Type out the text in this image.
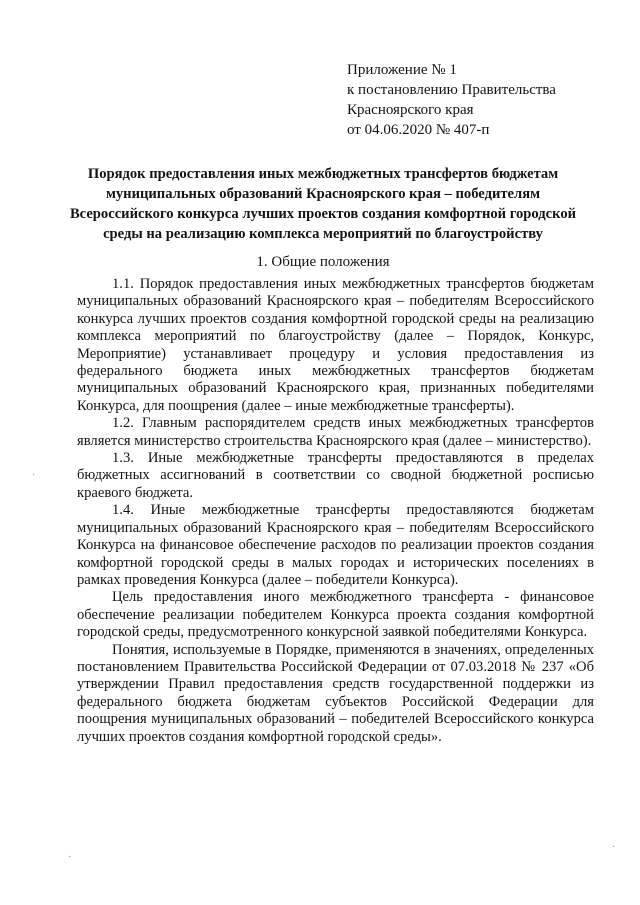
Приложение № 1
к постановлению Правительства
Красноярского края
от 04.06.2020 № 407-п
Порядок предоставления иных межбюджетных трансфертов бюджетам муниципальных образований Красноярского края – победителям Всероссийского конкурса лучших проектов создания комфортной городской среды на реализацию комплекса мероприятий по благоустройству
1. Общие положения

1.1. Порядок предоставления иных межбюджетных трансфертов бюджетам муниципальных образований Красноярского края – победителям Всероссийского конкурса лучших проектов создания комфортной городской среды на реализацию комплекса мероприятий по благоустройству (далее – Порядок, Конкурс, Мероприятие) устанавливает процедуру и условия предоставления из федерального бюджета иных межбюджетных трансфертов бюджетам муниципальных образований Красноярского края, признанных победителями Конкурса, для поощрения (далее – иные межбюджетные трансферты).

1.2. Главным распорядителем средств иных межбюджетных трансфертов является министерство строительства Красноярского края (далее – министерство).

1.3. Иные межбюджетные трансферты предоставляются в пределах бюджетных ассигнований в соответствии со сводной бюджетной росписью краевого бюджета.

1.4. Иные межбюджетные трансферты предоставляются бюджетам муниципальных образований Красноярского края – победителям Всероссийского Конкурса на финансовое обеспечение расходов по реализации проектов создания комфортной городской среды в малых городах и исторических поселениях в рамках проведения Конкурса (далее – победители Конкурса).

Цель предоставления иного межбюджетного трансферта - финансовое обеспечение реализации победителем Конкурса проекта создания комфортной городской среды, предусмотренного конкурсной заявкой победителями Конкурса.

Понятия, используемые в Порядке, применяются в значениях, определенных постановлением Правительства Российской Федерации от 07.03.2018 № 237 «Об утверждении Правил предоставления средств государственной поддержки из федерального бюджета бюджетам субъектов Российской Федерации для поощрения муниципальных образований – победителей Всероссийского конкурса лучших проектов создания комфортной городской среды».

·
·
·
